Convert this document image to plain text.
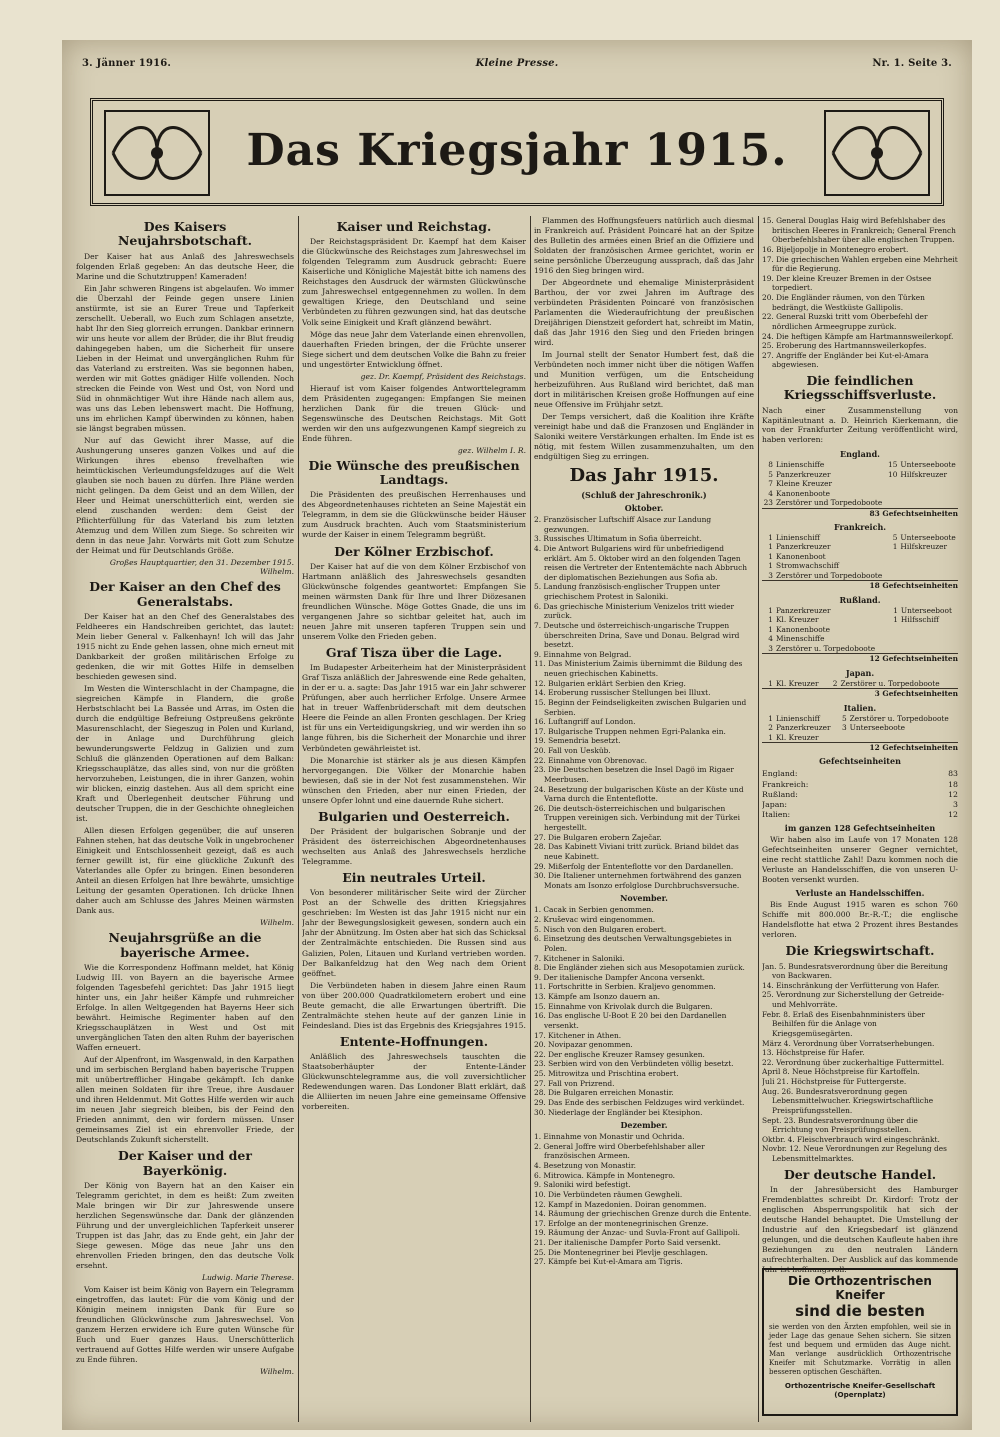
3. Jänner 1916.	Kleine Presse.	Nr. 1. Seite 3.
Das Kriegsjahr 1915.
Des Kaisers Neujahrsbotschaft.
Der Kaiser hat aus Anlaß des Jahreswechsels folgenden Erlaß gegeben: An das deutsche Heer, die Marine und die Schutztruppen! Kameraden!
Ein Jahr schweren Ringens ist abgelaufen. Wo immer die Überzahl der Feinde gegen unsere Linien anstürmte, ist sie an Eurer Treue und Tapferkeit zerschellt. Ueberall, wo Euch zum Schlagen ansetzte, habt Ihr den Sieg glorreich errungen. Dankbar erinnern wir uns heute vor allem der Brüder, die ihr Blut freudig dahingegeben haben, um die Sicherheit für unsere Lieben in der Heimat und unvergänglichen Ruhm für das Vaterland zu erstreiten. Was sie begonnen haben, werden wir mit Gottes gnädiger Hilfe vollenden. Noch strecken die Feinde von West und Ost, von Nord und Süd in ohnmächtiger Wut ihre Hände nach allem aus, was uns das Leben lebenswert macht. Die Hoffnung, uns im ehrlichen Kampf überwinden zu können, haben sie längst begraben müssen.
Nur auf das Gewicht ihrer Masse, auf die Aushungerung unseres ganzen Volkes und auf die Wirkungen ihres ebenso frevelhaften wie heimtückischen Verleumdungsfeldzuges auf die Welt glauben sie noch bauen zu dürfen. Ihre Pläne werden nicht gelingen. Da dem Geist und an dem Willen, der Heer und Heimat unerschütterlich eint, werden sie elend zuschanden werden: dem Geist der Pflichterfüllung für das Vaterland bis zum letzten Atemzug und dem Willen zum Siege. So schreiten wir denn in das neue Jahr. Vorwärts mit Gott zum Schutze der Heimat und für Deutschlands Größe.
Großes Hauptquartier, den 31. Dezember 1915. Wilhelm.
Der Kaiser an den Chef des Generalstabs.
Der Kaiser hat an den Chef des Generalstabes des Feldheeres ein Handschreiben gerichtet, das lautet: Mein lieber General v. Falkenhayn! Ich will das Jahr 1915 nicht zu Ende gehen lassen, ohne mich erneut mit Dankbarkeit der großen militärischen Erfolge zu gedenken, die wir mit Gottes Hilfe in demselben beschieden gewesen sind.
Im Westen die Winterschlacht in der Champagne, die siegreichen Kämpfe in Flandern, die große Herbstschlacht bei La Bassée und Arras, im Osten die durch die endgültige Befreiung Ostpreußens gekrönte Masurenschlacht, der Siegeszug in Polen und Kurland, der in Anlage und Durchführung gleich bewunderungswerte Feldzug in Galizien und zum Schluß die glänzenden Operationen auf dem Balkan: Kriegsschauplätze, das alles sind, von nur die größten hervorzuheben, Leistungen, die in ihrer Ganzen, wohin wir blicken, einzig dastehen. Aus all dem spricht eine Kraft und Überlegenheit deutscher Führung und deutscher Truppen, die in der Geschichte ohnegleichen ist.
Allen diesen Erfolgen gegenüber, die auf unseren Fahnen stehen, hat das deutsche Volk in ungebrochener Einigkeit und Entschlossenheit gezeigt, daß es auch ferner gewillt ist, für eine glückliche Zukunft des Vaterlandes alle Opfer zu bringen. Einen besonderen Anteil an diesen Erfolgen hat Ihre bewährte, umsichtige Leitung der gesamten Operationen. Ich drücke Ihnen daher auch am Schlusse des Jahres Meinen wärmsten Dank aus.
Wilhelm.
Neujahrsgrüße an die bayerische Armee.
Wie die Korrespondenz Hoffmann meldet, hat König Ludwig III. von Bayern an die bayerische Armee folgenden Tagesbefehl gerichtet: Das Jahr 1915 liegt hinter uns, ein Jahr heißer Kämpfe und ruhmreicher Erfolge. In allen Weltgegenden hat Bayerns Heer sich bewährt. Heimische Regimenter haben auf den Kriegsschauplätzen in West und Ost mit unvergänglichen Taten den alten Ruhm der bayerischen Waffen erneuert.
Auf der Alpenfront, im Wasgenwald, in den Karpathen und im serbischen Bergland haben bayerische Truppen mit unübertrefflicher Hingabe gekämpft. Ich danke allen meinen Soldaten für ihre Treue, ihre Ausdauer und ihren Heldenmut. Mit Gottes Hilfe werden wir auch im neuen Jahr siegreich bleiben, bis der Feind den Frieden annimmt, den wir fordern müssen. Unser gemeinsames Ziel ist ein ehrenvoller Friede, der Deutschlands Zukunft sicherstellt.
Der Kaiser und der Bayerkönig.
Der König von Bayern hat an den Kaiser ein Telegramm gerichtet, in dem es heißt: Zum zweiten Male bringen wir Dir zur Jahreswende unsere herzlichen Segenswünsche dar. Dank der glänzenden Führung und der unvergleichlichen Tapferkeit unserer Truppen ist das Jahr, das zu Ende geht, ein Jahr der Siege gewesen. Möge das neue Jahr uns den ehrenvollen Frieden bringen, den das deutsche Volk ersehnt.
Ludwig. Marie Therese.
Vom Kaiser ist beim König von Bayern ein Telegramm eingetroffen, das lautet: Für die vom König und der Königin meinem innigsten Dank für Eure so freundlichen Glückwünsche zum Jahreswechsel. Von ganzem Herzen erwidere ich Eure guten Wünsche für Euch und Euer ganzes Haus. Unerschütterlich vertrauend auf Gottes Hilfe werden wir unsere Aufgabe zu Ende führen.
Wilhelm.
Kaiser und Reichstag.
Der Reichstagspräsident Dr. Kaempf hat dem Kaiser die Glückwünsche des Reichstages zum Jahreswechsel im folgenden Telegramm zum Ausdruck gebracht: Euere Kaiserliche und Königliche Majestät bitte ich namens des Reichstages den Ausdruck der wärmsten Glückwünsche zum Jahreswechsel entgegennehmen zu wollen. In dem gewaltigen Kriege, den Deutschland und seine Verbündeten zu führen gezwungen sind, hat das deutsche Volk seine Einigkeit und Kraft glänzend bewährt.
Möge das neue Jahr dem Vaterlande einen ehrenvollen, dauerhaften Frieden bringen, der die Früchte unserer Siege sichert und dem deutschen Volke die Bahn zu freier und ungestörter Entwicklung öffnet.
gez. Dr. Kaempf, Präsident des Reichstags.
Hierauf ist vom Kaiser folgendes Antworttelegramm dem Präsidenten zugegangen: Empfangen Sie meinen herzlichen Dank für die treuen Glück- und Segenswünsche des Deutschen Reichstags. Mit Gott werden wir den uns aufgezwungenen Kampf siegreich zu Ende führen.
gez. Wilhelm I. R.
Die Wünsche des preußischen Landtags.
Die Präsidenten des preußischen Herrenhauses und des Abgeordnetenhauses richteten an Seine Majestät ein Telegramm, in dem sie die Glückwünsche beider Häuser zum Ausdruck brachten. Auch vom Staatsministerium wurde der Kaiser in einem Telegramm begrüßt.
Der Kölner Erzbischof.
Der Kaiser hat auf die von dem Kölner Erzbischof von Hartmann anläßlich des Jahreswechsels gesandten Glückwünsche folgendes geantwortet: Empfangen Sie meinen wärmsten Dank für Ihre und Ihrer Diözesanen freundlichen Wünsche. Möge Gottes Gnade, die uns im vergangenen Jahre so sichtbar geleitet hat, auch im neuen Jahre mit unseren tapferen Truppen sein und unserem Volke den Frieden geben.
Graf Tisza über die Lage.
Im Budapester Arbeiterheim hat der Ministerpräsident Graf Tisza anläßlich der Jahreswende eine Rede gehalten, in der er u. a. sagte: Das Jahr 1915 war ein Jahr schwerer Prüfungen, aber auch herrlicher Erfolge. Unsere Armee hat in treuer Waffenbrüderschaft mit dem deutschen Heere die Feinde an allen Fronten geschlagen. Der Krieg ist für uns ein Verteidigungskrieg, und wir werden ihn so lange führen, bis die Sicherheit der Monarchie und ihrer Verbündeten gewährleistet ist.
Die Monarchie ist stärker als je aus diesen Kämpfen hervorgegangen. Die Völker der Monarchie haben bewiesen, daß sie in der Not fest zusammenstehen. Wir wünschen den Frieden, aber nur einen Frieden, der unsere Opfer lohnt und eine dauernde Ruhe sichert.
Bulgarien und Oesterreich.
Der Präsident der bulgarischen Sobranje und der Präsident des österreichischen Abgeordnetenhauses wechselten aus Anlaß des Jahreswechsels herzliche Telegramme.
Ein neutrales Urteil.
Von besonderer militärischer Seite wird der Zürcher Post an der Schwelle des dritten Kriegsjahres geschrieben: Im Westen ist das Jahr 1915 nicht nur ein Jahr der Bewegungslosigkeit gewesen, sondern auch ein Jahr der Abnützung. Im Osten aber hat sich das Schicksal der Zentralmächte entschieden. Die Russen sind aus Galizien, Polen, Litauen und Kurland vertrieben worden. Der Balkanfeldzug hat den Weg nach dem Orient geöffnet.
Die Verbündeten haben in diesem Jahre einen Raum von über 200.000 Quadratkilometern erobert und eine Beute gemacht, die alle Erwartungen übertrifft. Die Zentralmächte stehen heute auf der ganzen Linie in Feindesland. Dies ist das Ergebnis des Kriegsjahres 1915.
Entente-Hoffnungen.
Anläßlich des Jahreswechsels tauschten die Staatsoberhäupter der Entente-Länder Glückwunschtelegramme aus, die voll zuversichtlicher Redewendungen waren. Das Londoner Blatt erklärt, daß die Alliierten im neuen Jahre eine gemeinsame Offensive vorbereiten.
Flammen des Hoffnungsfeuers natürlich auch diesmal in Frankreich auf. Präsident Poincaré hat an der Spitze des Bulletin des armées einen Brief an die Offiziere und Soldaten der französischen Armee gerichtet, worin er seine persönliche Überzeugung aussprach, daß das Jahr 1916 den Sieg bringen wird.
Der Abgeordnete und ehemalige Ministerpräsident Barthou, der vor zwei Jahren im Auftrage des verbündeten Präsidenten Poincaré von französischen Parlamenten die Wiederaufrichtung der preußischen Dreijährigen Dienstzeit gefordert hat, schreibt im Matin, daß das Jahr 1916 den Sieg und den Frieden bringen wird.
Im Journal stellt der Senator Humbert fest, daß die Verbündeten noch immer nicht über die nötigen Waffen und Munition verfügen, um die Entscheidung herbeizuführen. Aus Rußland wird berichtet, daß man dort in militärischen Kreisen große Hoffnungen auf eine neue Offensive im Frühjahr setzt.
Der Temps versichert, daß die Koalition ihre Kräfte vereinigt habe und daß die Franzosen und Engländer in Saloniki weitere Verstärkungen erhalten. Im Ende ist es nötig, mit festem Willen zusammenzuhalten, um den endgültigen Sieg zu erringen.
Das Jahr 1915.
(Schluß der Jahreschronik.)
Oktober.
2. Französischer Luftschiff Alsace zur Landung gezwungen.
3. Russisches Ultimatum in Sofia überreicht.
4. Die Antwort Bulgariens wird für unbefriedigend erklärt. Am 5. Oktober wird an den folgenden Tagen reisen die Vertreter der Ententemächte nach Abbruch der diplomatischen Beziehungen aus Sofia ab.
5. Landung französisch-englischer Truppen unter griechischem Protest in Saloniki.
6. Das griechische Ministerium Venizelos tritt wieder zurück.
7. Deutsche und österreichisch-ungarische Truppen überschreiten Drina, Save und Donau. Belgrad wird besetzt.
9. Einnahme von Belgrad.
11. Das Ministerium Zaimis übernimmt die Bildung des neuen griechischen Kabinetts.
12. Bulgarien erklärt Serbien den Krieg.
14. Eroberung russischer Stellungen bei Illuxt.
15. Beginn der Feindseligkeiten zwischen Bulgarien und Serbien.
16. Luftangriff auf London.
17. Bulgarische Truppen nehmen Egri-Palanka ein.
19. Semendria besetzt.
20. Fall von Uesküb.
22. Einnahme von Obrenovac.
23. Die Deutschen besetzen die Insel Dagö im Rigaer Meerbusen.
24. Besetzung der bulgarischen Küste an der Küste und Varna durch die Ententeflotte.
26. Die deutsch-österreichischen und bulgarischen Truppen vereinigen sich. Verbindung mit der Türkei hergestellt.
27. Die Bulgaren erobern Zaječar.
28. Das Kabinett Viviani tritt zurück. Briand bildet das neue Kabinett.
29. Mißerfolg der Ententeflotte vor den Dardanellen.
30. Die Italiener unternehmen fortwährend des ganzen Monats am Isonzo erfolglose Durchbruchsversuche.
November.
1. Cacak in Serbien genommen.
2. Kruševac wird eingenommen.
5. Nisch von den Bulgaren erobert.
6. Einsetzung des deutschen Verwaltungsgebietes in Polen.
7. Kitchener in Saloniki.
8. Die Engländer ziehen sich aus Mesopotamien zurück.
9. Der italienische Dampfer Ancona versenkt.
11. Fortschritte in Serbien. Kraljevo genommen.
13. Kämpfe am Isonzo dauern an.
15. Einnahme von Krivolak durch die Bulgaren.
16. Das englische U-Boot E 20 bei den Dardanellen versenkt.
17. Kitchener in Athen.
20. Novipazar genommen.
22. Der englische Kreuzer Ramsey gesunken.
23. Serbien wird von den Verbündeten völlig besetzt.
25. Mitrowitza und Prischtina erobert.
27. Fall von Prizrend.
28. Die Bulgaren erreichen Monastir.
29. Das Ende des serbischen Feldzuges wird verkündet.
30. Niederlage der Engländer bei Ktesiphon.
Dezember.
1. Einnahme von Monastir und Ochrida.
2. General Joffre wird Oberbefehlshaber aller französischen Armeen.
4. Besetzung von Monastir.
6. Mitrowica. Kämpfe in Montenegro.
9. Saloniki wird befestigt.
10. Die Verbündeten räumen Gewgheli.
12. Kampf in Mazedonien. Doiran genommen.
14. Räumung der griechischen Grenze durch die Entente.
17. Erfolge an der montenegrinischen Grenze.
19. Räumung der Anzac- und Suvla-Front auf Gallipoli.
21. Der italienische Dampfer Porto Said versenkt.
25. Die Montenegriner bei Plevlje geschlagen.
27. Kämpfe bei Kut-el-Amara am Tigris.
15. General Douglas Haig wird Befehlshaber des britischen Heeres in Frankreich; General French Oberbefehlshaber über alle englischen Truppen.
16. Bijeljopolje in Montenegro erobert.
17. Die griechischen Wahlen ergeben eine Mehrheit für die Regierung.
19. Der kleine Kreuzer Bremen in der Ostsee torpediert.
20. Die Engländer räumen, von den Türken bedrängt, die Westküste Gallipolis.
22. General Ruzski tritt vom Oberbefehl der nördlichen Armeegruppe zurück.
24. Die heftigen Kämpfe am Hartmannsweilerkopf.
25. Eroberung des Hartmannsweilerkopfes.
27. Angriffe der Engländer bei Kut-el-Amara abgewiesen.
Die feindlichen Kriegsschiffsverluste.
Nach einer Zusammenstellung von Kapitänleutnant a. D. Heinrich Kierkemann, die von der Frankfurter Zeitung veröffentlicht wird, haben verloren:
England.
8	Linienschiffe	15	Unterseeboote
5	Panzerkreuzer	10	Hilfskreuzer
7	Kleine Kreuzer		
4	Kanonenboote		
23	Zerstörer und Torpedoboote		
83 Gefechtseinheiten			
Frankreich.
1	Linienschiff	5	Unterseeboote
1	Panzerkreuzer	1	Hilfskreuzer
1	Kanonenboot		
1	Stromwachschiff		
3	Zerstörer und Torpedoboote		
18 Gefechtseinheiten			
Rußland.
1	Panzerkreuzer	1	Unterseeboot
1	Kl. Kreuzer	1	Hilfsschiff
1	Kanonenboote		
4	Minenschiffe		
3	Zerstörer u. Torpedoboote		
12 Gefechtseinheiten			
Japan.
1	Kl. Kreuzer	2	Zerstörer u. Torpedoboote
3 Gefechtseinheiten
Italien.
1	Linienschiff	5	Zerstörer u. Torpedoboote
2	Panzerkreuzer	3	Unterseeboote
1	Kl. Kreuzer		
12 Gefechtseinheiten			
Gefechtseinheiten
England:	83
Frankreich:	18
Rußland:	12
Japan:	3
Italien:	12
im ganzen 128 Gefechtseinheiten
Wir haben also im Laufe von 17 Monaten 128 Gefechtseinheiten unserer Gegner vernichtet, eine recht stattliche Zahl! Dazu kommen noch die Verluste an Handelsschiffen, die von unseren U-Booten versenkt wurden.
Verluste an Handelsschiffen.
Bis Ende August 1915 waren es schon 760 Schiffe mit 800.000 Br.-R.-T.; die englische Handelsflotte hat etwa 2 Prozent ihres Bestandes verloren.
Die Kriegswirtschaft.
Jan. 5. Bundesratsverordnung über die Bereitung von Backwaren.
14. Einschränkung der Verfütterung von Hafer.
25. Verordnung zur Sicherstellung der Getreide- und Mehlvorräte.
Febr. 8. Erlaß des Eisenbahnministers über Beihilfen für die Anlage von Kriegsgemüsegärten.
März 4. Verordnung über Vorratserhebungen.
13. Höchstpreise für Hafer.
22. Verordnung über zuckerhaltige Futtermittel.
April 8. Neue Höchstpreise für Kartoffeln.
Juli 21. Höchstpreise für Futtergerste.
Aug. 26. Bundesratsverordnung gegen Lebensmittelwucher. Kriegswirtschaftliche Preisprüfungsstellen.
Sept. 23. Bundesratsverordnung über die Errichtung von Preisprüfungsstellen.
Oktbr. 4. Fleischverbrauch wird eingeschränkt.
Novbr. 12. Neue Verordnungen zur Regelung des Lebensmittelmarktes.
Der deutsche Handel.
In der Jahresübersicht des Hamburger Fremdenblattes schreibt Dr. Kirdorf: Trotz der englischen Absperrungspolitik hat sich der deutsche Handel behauptet. Die Umstellung der Industrie auf den Kriegsbedarf ist glänzend gelungen, und die deutschen Kaufleute haben ihre Beziehungen zu den neutralen Ländern aufrechterhalten. Der Ausblick auf das kommende Jahr ist hoffnungsvoll.
Die Orthozentrischen Kneifer
sind die besten
sie werden von den Ärzten empfohlen, weil sie in jeder Lage das genaue Sehen sichern. Sie sitzen fest und bequem und ermüden das Auge nicht. Man verlange ausdrücklich Orthozentrische Kneifer mit Schutzmarke. Vorrätig in allen besseren optischen Geschäften.
Orthozentrische Kneifer-Gesellschaft (Opernplatz)
